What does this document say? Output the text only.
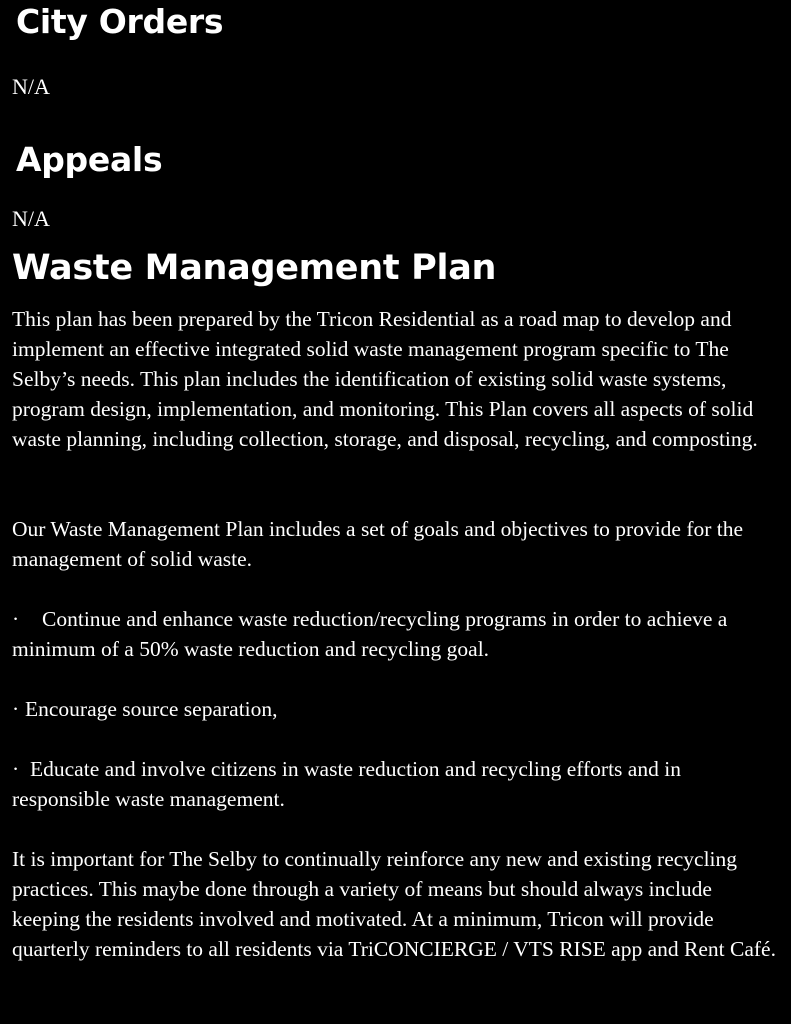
City Orders

N/A

Appeals

N/A

Waste Management Plan

This plan has been prepared by the Tricon Residential as a road map to develop and implement an effective integrated solid waste management program specific to The Selby’s needs. This plan includes the identification of existing solid waste systems, program design, implementation, and monitoring. This Plan covers all aspects of solid waste planning, including collection, storage, and disposal, recycling, and composting.

Our Waste Management Plan includes a set of goals and objectives to provide for the management of solid waste.

· Continue and enhance waste reduction/recycling programs in order to achieve a minimum of a 50% waste reduction and recycling goal.

· Encourage source separation,

· Educate and involve citizens in waste reduction and recycling efforts and in responsible waste management.

It is important for The Selby to continually reinforce any new and existing recycling practices. This maybe done through a variety of means but should always include keeping the residents involved and motivated. At a minimum, Tricon will provide quarterly reminders to all residents via TriCONCIERGE / VTS RISE app and Rent Café.
